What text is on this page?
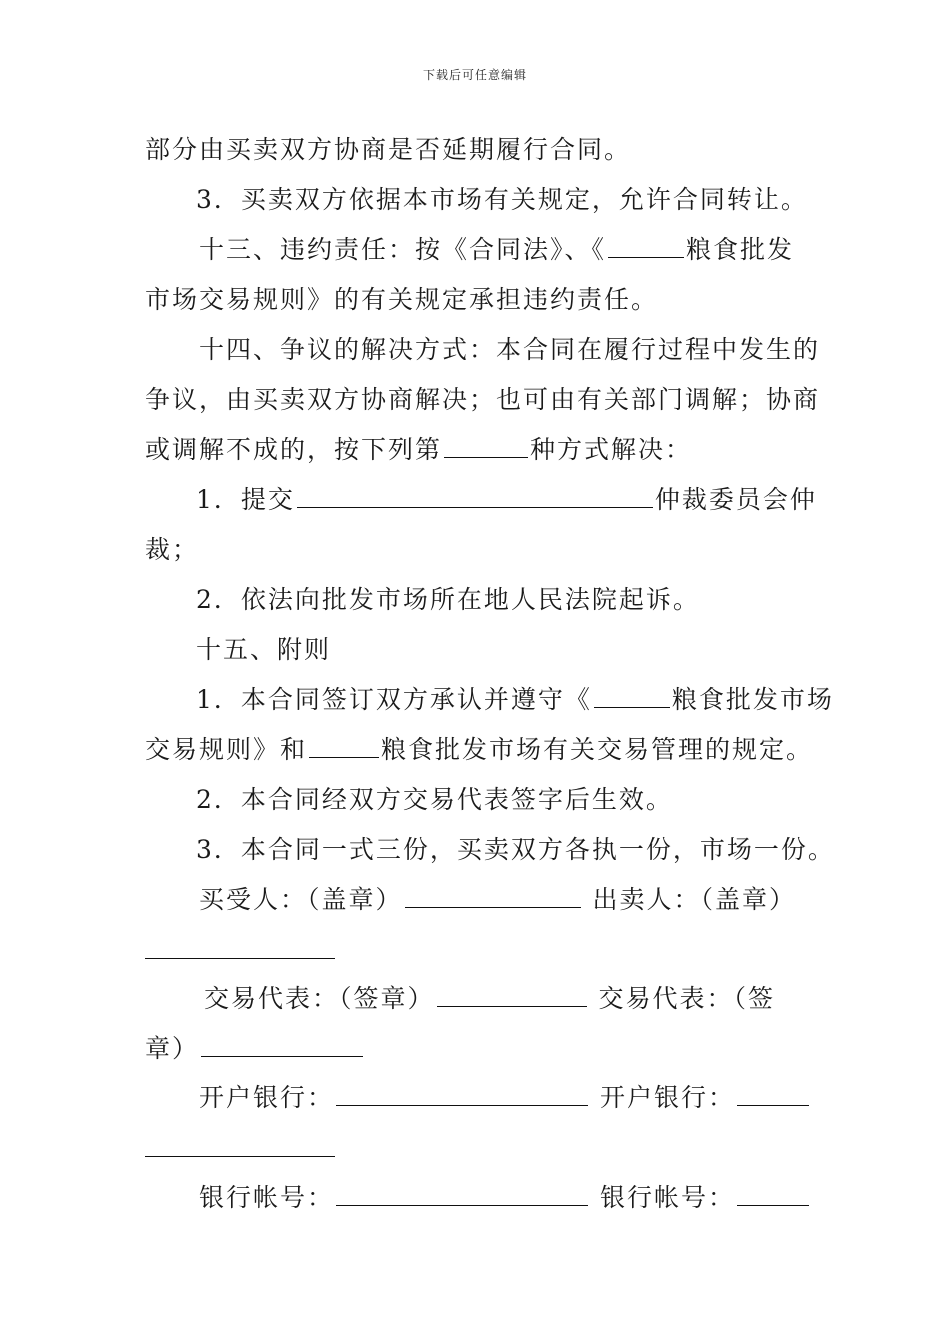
下载后可任意编辑
部分由买卖双方协商是否延期履行合同。
3．买卖双方依据本市场有关规定，允许合同转让。
十三、违约责任：按《合同法》、《	粮食批发
市场交易规则》的有关规定承担违约责任。
十四、争议的解决方式：本合同在履行过程中发生的
争议，由买卖双方协商解决；也可由有关部门调解；协商
或调解不成的，按下列第	种方式解决：
1．提交	仲裁委员会仲
裁；
2．依法向批发市场所在地人民法院起诉。
十五、附则
1．本合同签订双方承认并遵守《	粮食批发市场
交易规则》和	粮食批发市场有关交易管理的规定。
2．本合同经双方交易代表签字后生效。
3．本合同一式三份，买卖双方各执一份，市场一份。
买受人：（盖章）	出卖人：（盖章）
交易代表：（签章）	交易代表：（签
章）
开户银行：	开户银行：
银行帐号：	银行帐号：
